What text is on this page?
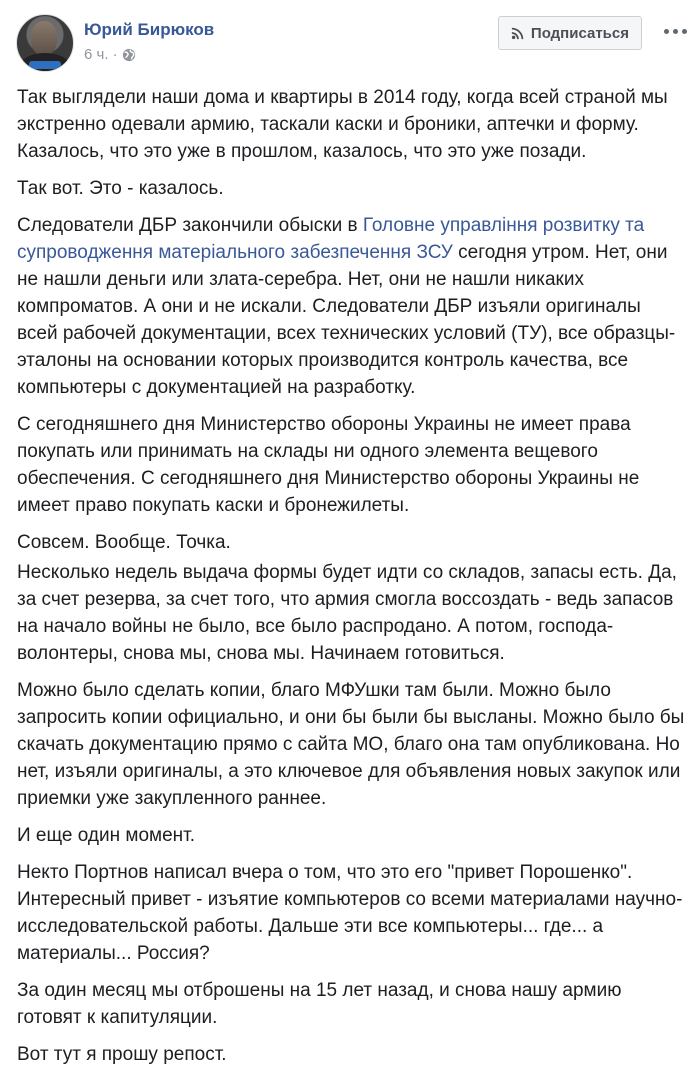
Юрий Бирюков
6 ч. ·
Подписаться

Так выглядели наши дома и квартиры в 2014 году, когда всей страной мы экстренно одевали армию, таскали каски и броники, аптечки и форму. Казалось, что это уже в прошлом, казалось, что это уже позади.

Так вот. Это - казалось.

Следователи ДБР закончили обыски в Головне управління розвитку та супроводження матеріального забезпечення ЗСУ сегодня утром. Нет, они не нашли деньги или злата-серебра. Нет, они не нашли никаких компроматов. А они и не искали. Следователи ДБР изъяли оригиналы всей рабочей документации, всех технических условий (ТУ), все образцы-эталоны на основании которых производится контроль качества, все компьютеры с документацией на разработку.

С сегодняшнего дня Министерство обороны Украины не имеет права покупать или принимать на склады ни одного элемента вещевого обеспечения. С сегодняшнего дня Министерство обороны Украины не имеет право покупать каски и бронежилеты.

Совсем. Вообще. Точка.

Несколько недель выдача формы будет идти со складов, запасы есть. Да, за счет резерва, за счет того, что армия смогла воссоздать - ведь запасов на начало войны не было, все было распродано. А потом, господа-волонтеры, снова мы, снова мы. Начинаем готовиться.

Можно было сделать копии, благо МФУшки там были. Можно было запросить копии официально, и они бы были бы высланы. Можно было бы скачать документацию прямо с сайта МО, благо она там опубликована. Но нет, изъяли оригиналы, а это ключевое для объявления новых закупок или приемки уже закупленного раннее.

И еще один момент.

Некто Портнов написал вчера о том, что это его "привет Порошенко". Интересный привет - изъятие компьютеров со всеми материалами научно-исследовательской работы. Дальше эти все компьютеры... где... а материалы... Россия?

За один месяц мы отброшены на 15 лет назад, и снова нашу армию готовят к капитуляции.

Вот тут я прошу репост.
